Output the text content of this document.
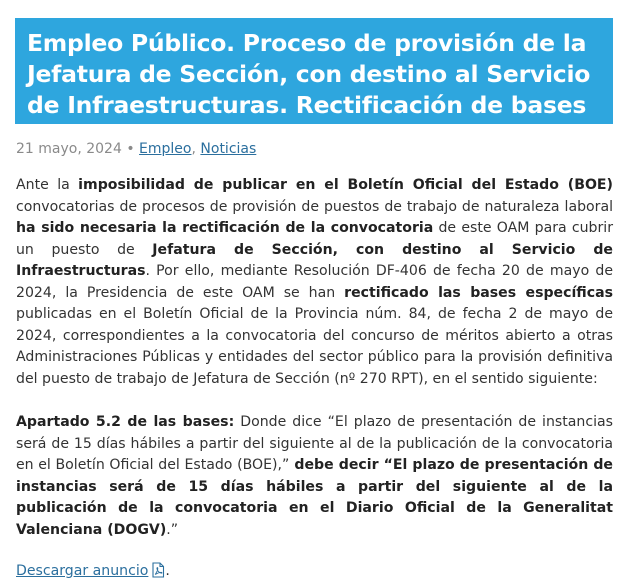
Empleo Público. Proceso de provisión de la Jefatura de Sección, con destino al Servicio de Infraestructuras. Rectificación de bases
21 mayo, 2024 • Empleo, Noticias

Ante la imposibilidad de publicar en el Boletín Oficial del Estado (BOE) convocatorias de procesos de provisión de puestos de trabajo de naturaleza laboral ha sido necesaria la rectificación de la convocatoria de este OAM para cubrir un puesto de Jefatura de Sección, con destino al Servicio de Infraestructuras. Por ello, mediante Resolución DF-406 de fecha 20 de mayo de 2024, la Presidencia de este OAM se han rectificado las bases específicas publicadas en el Boletín Oficial de la Provincia núm. 84, de fecha 2 de mayo de 2024, correspondientes a la convocatoria del concurso de méritos abierto a otras Administraciones Públicas y entidades del sector público para la provisión definitiva del puesto de trabajo de Jefatura de Sección (nº 270 RPT), en el sentido siguiente:

Apartado 5.2 de las bases: Donde dice “El plazo de presentación de instancias será de 15 días hábiles a partir del siguiente al de la publicación de la convocatoria en el Boletín Oficial del Estado (BOE),” debe decir “El plazo de presentación de instancias será de 15 días hábiles a partir del siguiente al de la publicación de la convocatoria en el Diario Oficial de la Generalitat Valenciana (DOGV).”

Descargar anuncio .
